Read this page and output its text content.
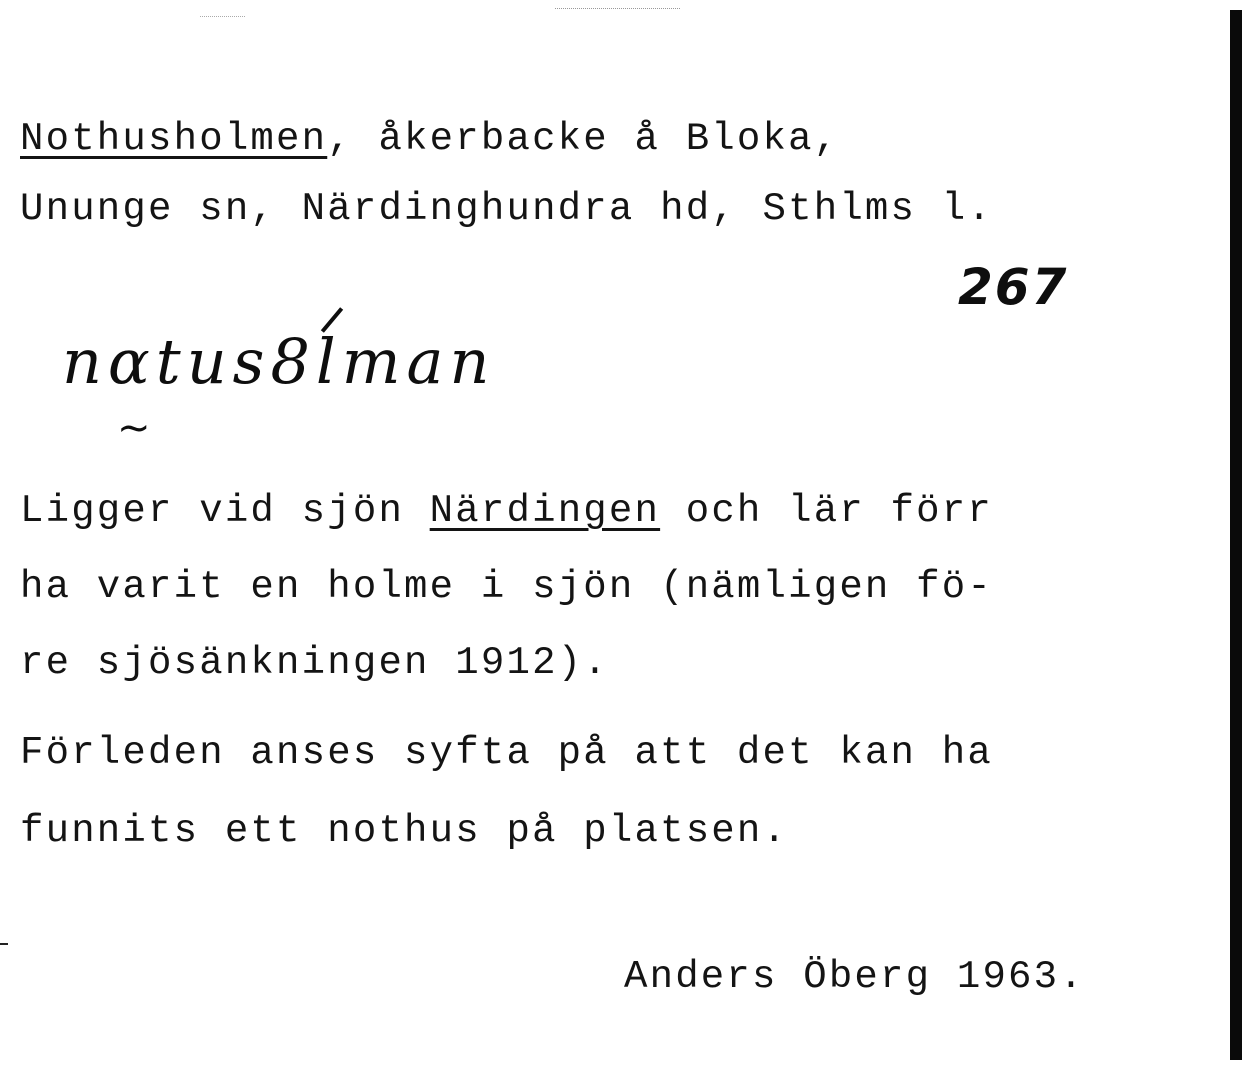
Nothusholmen, åkerbacke å Bloka,
Ununge sn, Närdinghundra hd, Sthlms l.
267
nɑtus8lman
~
Ligger vid sjön Närdingen och lär förr
ha varit en holme i sjön (nämligen fö-
re sjösänkningen 1912).
Förleden anses syfta på att det kan ha
funnits ett nothus på platsen.
Anders Öberg 1963.
